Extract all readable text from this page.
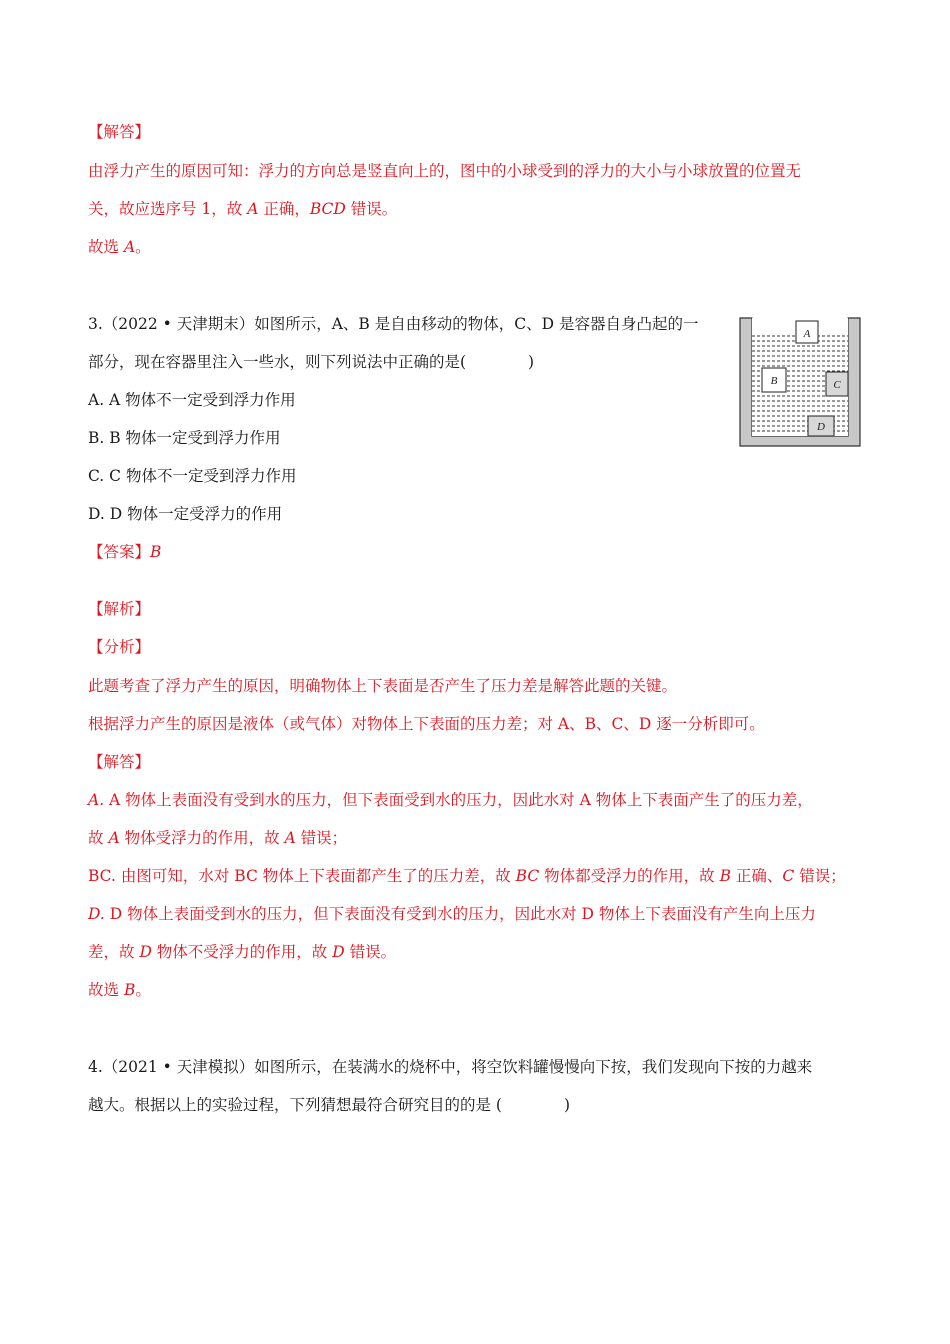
【解答】
由浮力产生的原因可知：浮力的方向总是竖直向上的，图中的小球受到的浮力的大小与小球放置的位置无
关，故应选序号 1，故 A 正确，BCD 错误。
故选 A。
3.（2022 • 天津期末）如图所示，A、B 是自由移动的物体，C、D 是容器自身凸起的一
部分，现在容器里注入一些水，则下列说法中正确的是(　　　　)
A. A 物体不一定受到浮力作用
B. B 物体一定受到浮力作用
C. C 物体不一定受到浮力作用
D. D 物体一定受浮力的作用
A
B	C
D
【答案】B
【解析】
【分析】
此题考查了浮力产生的原因，明确物体上下表面是否产生了压力差是解答此题的关键。
根据浮力产生的原因是液体（或气体）对物体上下表面的压力差；对 A、B、C、D 逐一分析即可。
【解答】
A. A 物体上表面没有受到水的压力，但下表面受到水的压力，因此水对 A 物体上下表面产生了的压力差，
故 A 物体受浮力的作用，故 A 错误；
BC. 由图可知，水对 BC 物体上下表面都产生了的压力差，故 BC 物体都受浮力的作用，故 B 正确、C 错误；
D. D 物体上表面受到水的压力，但下表面没有受到水的压力，因此水对 D 物体上下表面没有产生向上压力
差，故 D 物体不受浮力的作用，故 D 错误。
故选 B。
4.（2021 • 天津模拟）如图所示，在装满水的烧杯中，将空饮料罐慢慢向下按，我们发现向下按的力越来
越大。根据以上的实验过程，下列猜想最符合研究目的的是 (　　　　)
